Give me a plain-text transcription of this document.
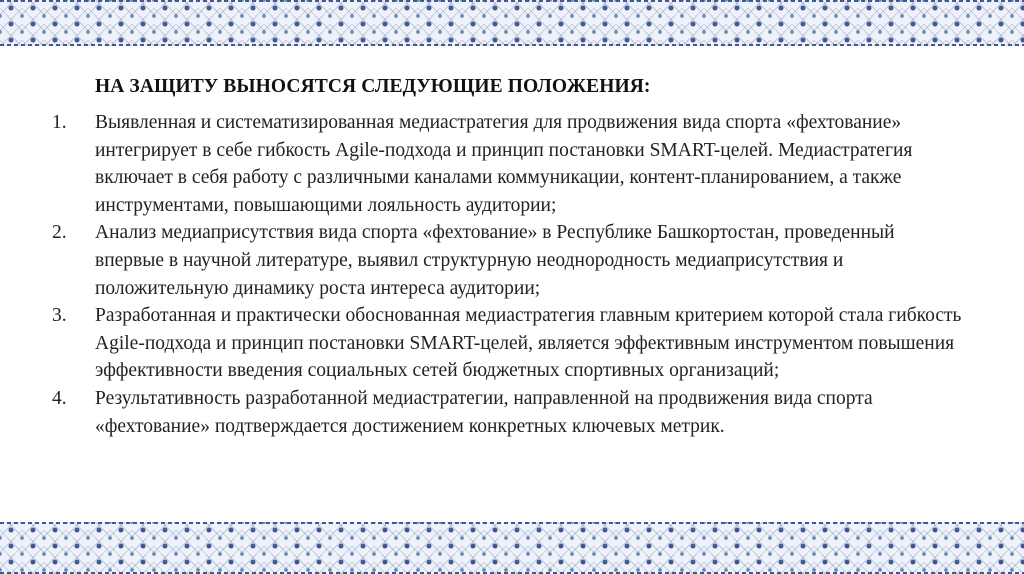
НА ЗАЩИТУ ВЫНОСЯТСЯ СЛЕДУЮЩИЕ ПОЛОЖЕНИЯ:
1. Выявленная и систематизированная медиастратегия для продвижения вида спорта «фехтование» интегрирует в себе гибкость Agile-подхода и принцип постановки SMART-целей. Медиастратегия включает в себя работу с различными каналами коммуникации, контент-планированием, а также инструментами, повышающими лояльность аудитории;
2. Анализ медиаприсутствия вида спорта «фехтование» в Республике Башкортостан, проведенный впервые в научной литературе, выявил структурную неоднородность медиаприсутствия и положительную динамику роста интереса аудитории;
3. Разработанная и практически обоснованная медиастратегия главным критерием которой стала гибкость Agile-подхода и принцип постановки SMART-целей, является эффективным инструментом повышения эффективности введения социальных сетей бюджетных спортивных организаций;
4. Результативность разработанной медиастратегии, направленной на продвижения вида спорта «фехтование» подтверждается достижением конкретных ключевых метрик.
